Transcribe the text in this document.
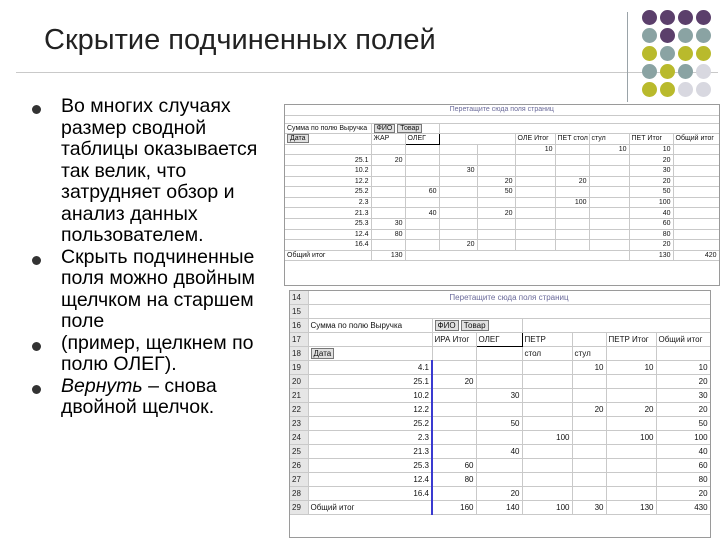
Скрытие подчиненных полей
Во многих случаях размер сводной таблицы оказывается так велик, что затрудняет обзор и анализ данных пользователем.
Скрыть подчиненные поля можно двойным щелчком на старшем поле
(пример, щелкнем по полю ОЛЕГ).
Вернуть – снова двойной щелчок.
Перетащите сюда поля страниц									

Сумма по полю Выручка	ФИО Товар								
Дата	ЖАР	ОЛЕГ			ОЛЕ Итог	ПЕТ стол	стул	ПЕТ Итог	Общий итог
					10		10	10	
25.1	20							20	
10.2			30					30	
12.2				20		20		20	
25.2		60		50				50	
2.3						100		100	
21.3		40		20				40	
25.3	30							60	
12.4	80							80	
16.4			20					20	
Общий итог	130							130	420
14	Перетащите сюда поля страниц						
15							
16	Сумма по полю Выручка	ФИО Товар					
17		ИРА Итог	ОЛЕГ	ПЕТР		ПЕТР Итог	Общий итог
18	Дата			стол	стул		
19	4.1				10	10	10
20	25.1	20					20
21	10.2		30				30
22	12.2				20	20	20
23	25.2		50				50
24	2.3			100		100	100
25	21.3		40				40
26	25.3	60					60
27	12.4	80					80
28	16.4		20				20
29	Общий итог	160	140	100	30	130	430
